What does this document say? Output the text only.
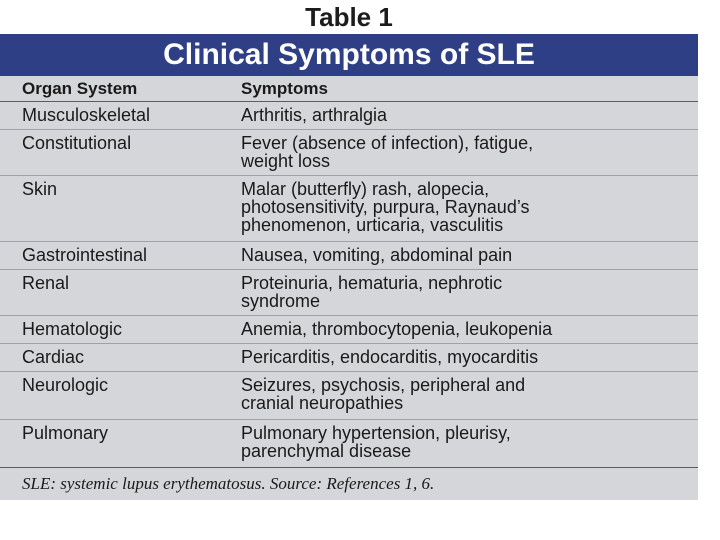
Table 1
Clinical Symptoms of SLE
Organ System	Symptoms
Musculoskeletal	Arthritis, arthralgia
Constitutional	Fever (absence of infection), fatigue,
weight loss
Skin	Malar (butterfly) rash, alopecia,
photosensitivity, purpura, Raynaud’s
phenomenon, urticaria, vasculitis
Gastrointestinal	Nausea, vomiting, abdominal pain
Renal	Proteinuria, hematuria, nephrotic
syndrome
Hematologic	Anemia, thrombocytopenia, leukopenia
Cardiac	Pericarditis, endocarditis, myocarditis
Neurologic	Seizures, psychosis, peripheral and
cranial neuropathies
Pulmonary	Pulmonary hypertension, pleurisy,
parenchymal disease
SLE: systemic lupus erythematosus. Source: References 1, 6.
